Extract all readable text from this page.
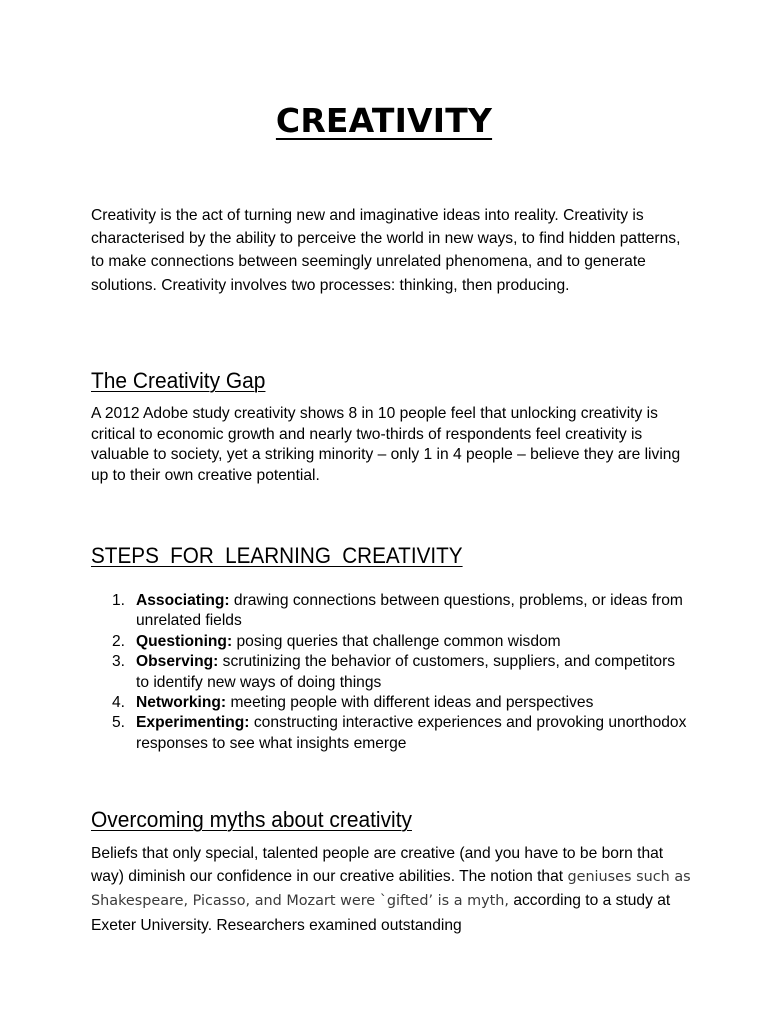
CREATIVITY

Creativity is the act of turning new and imaginative ideas into reality. Creativity is characterised by the ability to perceive the world in new ways, to find hidden patterns, to make connections between seemingly unrelated phenomena, and to generate solutions. Creativity involves two processes: thinking, then producing.

The Creativity Gap

A 2012 Adobe study creativity shows 8 in 10 people feel that unlocking creativity is critical to economic growth and nearly two-thirds of respondents feel creativity is valuable to society, yet a striking minority – only 1 in 4 people – believe they are living up to their own creative potential.

STEPS FOR LEARNING CREATIVITY
1. Associating: drawing connections between questions, problems, or ideas from unrelated fields
2. Questioning: posing queries that challenge common wisdom
3. Observing: scrutinizing the behavior of customers, suppliers, and competitors to identify new ways of doing things
4. Networking: meeting people with different ideas and perspectives
5. Experimenting: constructing interactive experiences and provoking unorthodox responses to see what insights emerge
Overcoming myths about creativity

Beliefs that only special, talented people are creative (and you have to be born that way) diminish our confidence in our creative abilities. The notion that geniuses such as Shakespeare, Picasso, and Mozart were `gifted’ is a myth, according to a study at Exeter University. Researchers examined outstanding
